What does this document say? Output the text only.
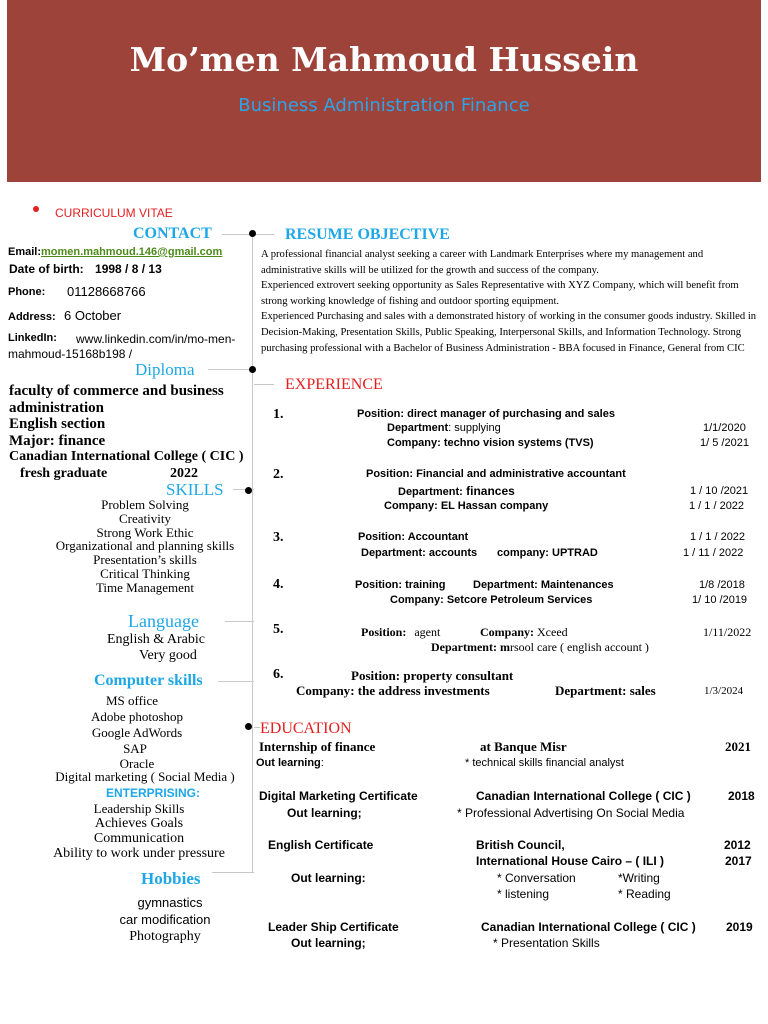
Mo’men Mahmoud Hussein
Business Administration Finance
CURRICULUM VITAE
CONTACT
Email:momen.mahmoud.146@gmail.com
Date of birth: 1998 / 8 / 13
Phone: 01128668766
Address: 6 October
LinkedIn: www.linkedin.com/in/mo-men-
mahmoud-15168b198 /
Diploma
faculty of commerce and business
administration
English section
Major: finance
Canadian International College ( CIC )
fresh graduate	2022
SKILLS
Problem Solving
Creativity
Strong Work Ethic
Organizational and planning skills
Presentation’s skills
Critical Thinking
Time Management
Language
English & Arabic
Very good
Computer skills
MS office
Adobe photoshop
Google AdWords
SAP
Oracle
Digital marketing ( Social Media )
ENTERPRISING:
Leadership Skills
Achieves Goals
Communication
Ability to work under pressure
Hobbies
gymnastics
car modification
Photography
RESUME OBJECTIVE
A professional financial analyst seeking a career with Landmark Enterprises where my management and administrative skills will be utilized for the growth and success of the company.
Experienced extrovert seeking opportunity as Sales Representative with XYZ Company, which will benefit from strong working knowledge of fishing and outdoor sporting equipment.
Experienced Purchasing and sales with a demonstrated history of working in the consumer goods industry. Skilled in Decision-Making, Presentation Skills, Public Speaking, Interpersonal Skills, and Information Technology. Strong purchasing professional with a Bachelor of Business Administration - BBA focused in Finance, General from CIC
EXPERIENCE
1.	Position: direct manager of purchasing and sales
Department: supplying	1/1/2020
Company: techno vision systems (TVS)	1/ 5 /2021
2.	Position: Financial and administrative accountant
Department: finances	1 / 10 /2021
Company: EL Hassan company	1 / 1 / 2022
3.	Position: Accountant	1 / 1 / 2022
Department: accounts company: UPTRAD	1 / 11 / 2022
4.	Position: training	Department: Maintenances	1/8 /2018
Company: Setcore Petroleum Services	1/ 10 /2019
5.	Position: agent	Company: Xceed	1/11/2022
Department: mrsool care ( english account )
6.	Position: property consultant
Company: the address investments	Department: sales	1/3/2024
EDUCATION
Internship of finance	at Banque Misr	2021
Out learning:	* technical skills financial analyst
Digital Marketing Certificate	Canadian International College ( CIC )	2018
Out learning;	* Professional Advertising On Social Media
English Certificate	British Council,	2012
International House Cairo – ( ILI )	2017
Out learning:	* Conversation	*Writing
* listening	* Reading
Leader Ship Certificate	Canadian International College ( CIC )	2019
Out learning;	* Presentation Skills
